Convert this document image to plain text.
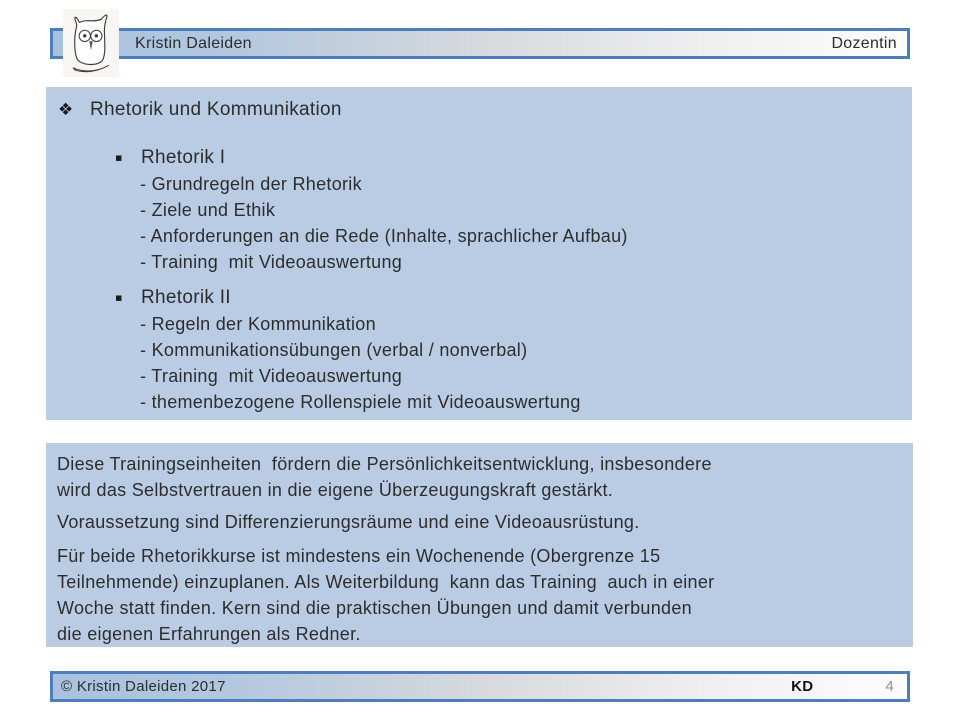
Kristin Daleiden	Dozentin
❖ Rhetorik und Kommunikation
▪ Rhetorik I
- Grundregeln der Rhetorik
- Ziele und Ethik
- Anforderungen an die Rede (Inhalte, sprachlicher Aufbau)
- Training  mit Videoauswertung
▪ Rhetorik II
- Regeln der Kommunikation
- Kommunikationsübungen (verbal / nonverbal)
- Training  mit Videoauswertung
- themenbezogene Rollenspiele mit Videoauswertung
Diese Trainingseinheiten  fördern die Persönlichkeitsentwicklung, insbesondere
wird das Selbstvertrauen in die eigene Überzeugungskraft gestärkt.
Voraussetzung sind Differenzierungsräume und eine Videoausrüstung.
Für beide Rhetorikkurse ist mindestens ein Wochenende (Obergrenze 15
Teilnehmende) einzuplanen. Als Weiterbildung  kann das Training  auch in einer
Woche statt finden. Kern sind die praktischen Übungen und damit verbunden
die eigenen Erfahrungen als Redner.
© Kristin Daleiden 2017	KD	4
